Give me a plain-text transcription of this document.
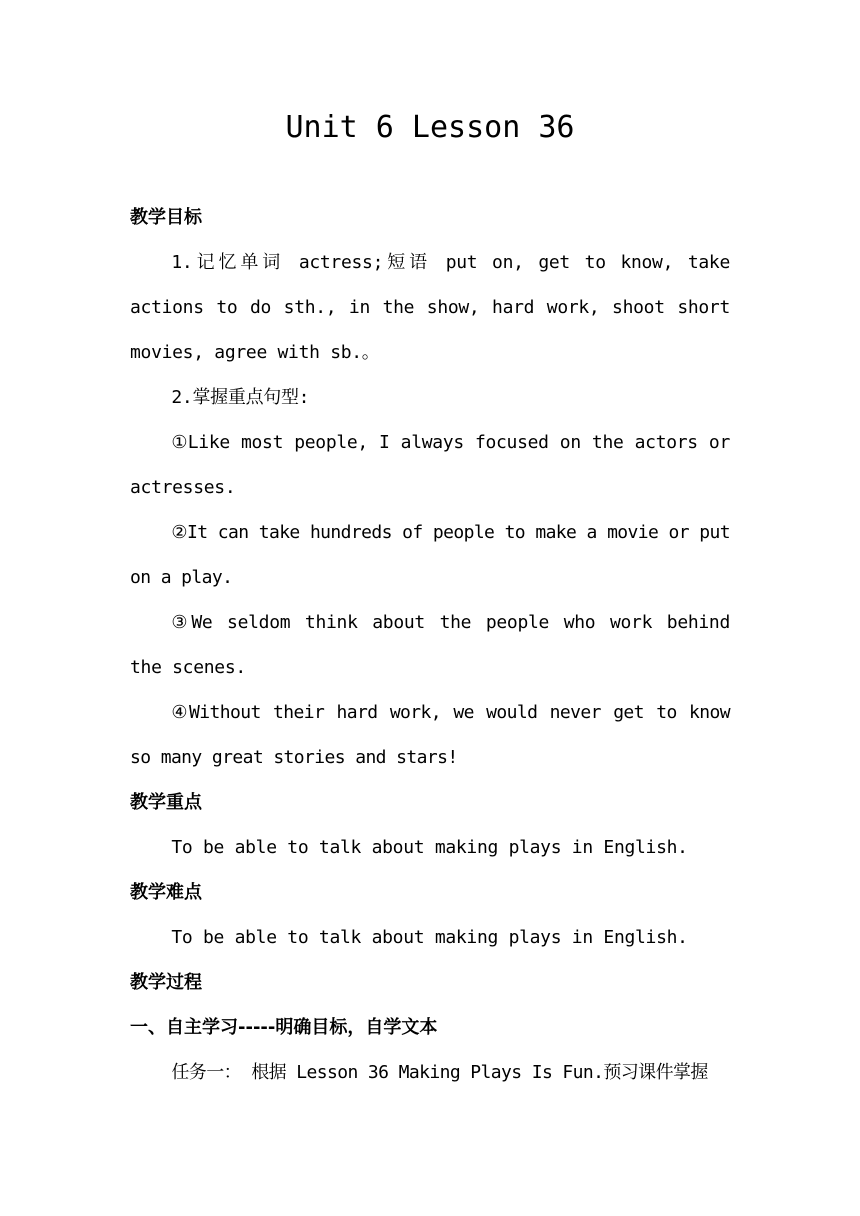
Unit 6 Lesson 36

教学目标

1.记忆单词 actress;短语 put on, get to know, take actions to do sth., in the show, hard work, shoot short movies, agree with sb.。

2.掌握重点句型:

①Like most people, I always focused on the actors or actresses.

②It can take hundreds of people to make a movie or put on a play.

③We seldom think about the people who work behind the scenes.

④Without their hard work, we would never get to know so many great stories and stars!

教学重点

To be able to talk about making plays in English.

教学难点

To be able to talk about making plays in English.

教学过程

一、自主学习-----明确目标，自学文本

任务一： 根据 Lesson 36 Making Plays Is Fun.预习课件掌握
